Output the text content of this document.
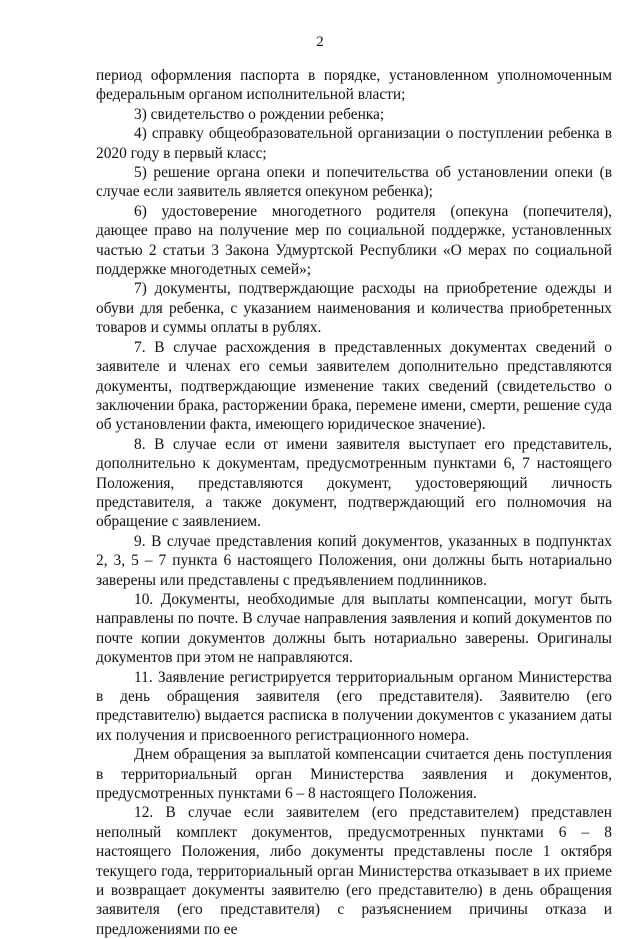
2

период оформления паспорта в порядке, установленном уполномоченным федеральным органом исполнительной власти;

3) свидетельство о рождении ребенка;

4) справку общеобразовательной организации о поступлении ребенка в 2020 году в первый класс;

5) решение органа опеки и попечительства об установлении опеки (в случае если заявитель является опекуном ребенка);

6) удостоверение многодетного родителя (опекуна (попечителя), дающее право на получение мер по социальной поддержке, установленных частью 2 статьи 3 Закона Удмуртской Республики «О мерах по социальной поддержке многодетных семей»;

7) документы, подтверждающие расходы на приобретение одежды и обуви для ребенка, с указанием наименования и количества приобретенных товаров и суммы оплаты в рублях.

7. В случае расхождения в представленных документах сведений о заявителе и членах его семьи заявителем дополнительно представляются документы, подтверждающие изменение таких сведений (свидетельство о заключении брака, расторжении брака, перемене имени, смерти, решение суда об установлении факта, имеющего юридическое значение).

8. В случае если от имени заявителя выступает его представитель, дополнительно к документам, предусмотренным пунктами 6, 7 настоящего Положения, представляются документ, удостоверяющий личность представителя, а также документ, подтверждающий его полномочия на обращение с заявлением.

9. В случае представления копий документов, указанных в подпунктах 2, 3, 5 – 7 пункта 6 настоящего Положения, они должны быть нотариально заверены или представлены с предъявлением подлинников.

10. Документы, необходимые для выплаты компенсации, могут быть направлены по почте. В случае направления заявления и копий документов по почте копии документов должны быть нотариально заверены. Оригиналы документов при этом не направляются.

11. Заявление регистрируется территориальным органом Министерства в день обращения заявителя (его представителя). Заявителю (его представителю) выдается расписка в получении документов с указанием даты их получения и присвоенного регистрационного номера.

Днем обращения за выплатой компенсации считается день поступления в территориальный орган Министерства заявления и документов, предусмотренных пунктами 6 – 8 настоящего Положения.

12. В случае если заявителем (его представителем) представлен неполный комплект документов, предусмотренных пунктами 6 – 8 настоящего Положения, либо документы представлены после 1 октября текущего года, территориальный орган Министерства отказывает в их приеме и возвращает документы заявителю (его представителю) в день обращения заявителя (его представителя) с разъяснением причины отказа и предложениями по ее
